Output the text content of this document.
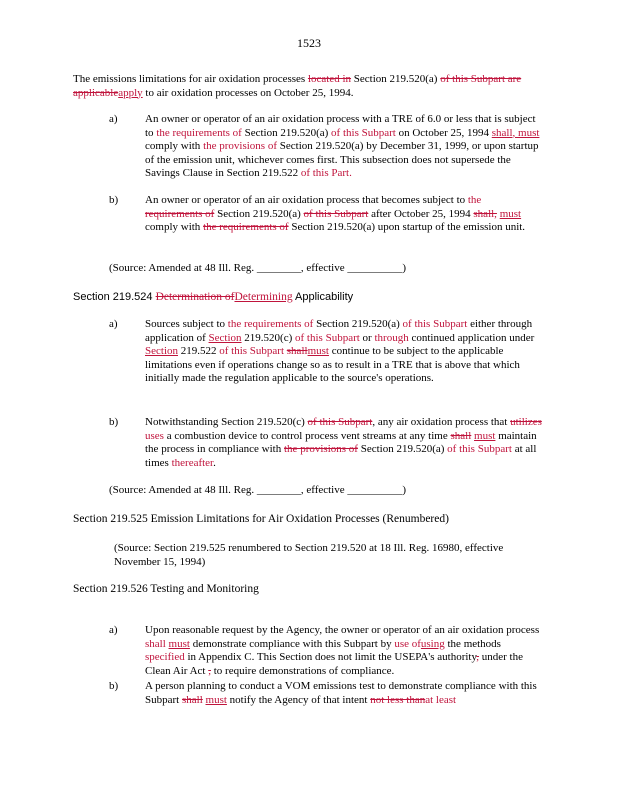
1523
The emissions limitations for air oxidation processes located in Section 219.520(a) of this Subpart are applicableapply to air oxidation processes on October 25, 1994.
a) An owner or operator of an air oxidation process with a TRE of 6.0 or less that is subject to the requirements of Section 219.520(a) of this Subpart on October 25, 1994 shall, must comply with the provisions of Section 219.520(a) by December 31, 1999, or upon startup of the emission unit, whichever comes first. This subsection does not supersede the Savings Clause in Section 219.522 of this Part.
b) An owner or operator of an air oxidation process that becomes subject to the requirements of Section 219.520(a) of this Subpart after October 25, 1994 shall, must comply with the requirements of Section 219.520(a) upon startup of the emission unit.
(Source: Amended at 48 Ill. Reg. ________, effective __________)
Section 219.524 Determination ofDetermining Applicability
a) Sources subject to the requirements of Section 219.520(a) of this Subpart either through application of Section 219.520(c) of this Subpart or through continued application under Section 219.522 of this Subpart shallmust continue to be subject to the applicable limitations even if operations change so as to result in a TRE that is above that which initially made the regulation applicable to the source's operations.
b) Notwithstanding Section 219.520(c) of this Subpart, any air oxidation process that utilizes uses a combustion device to control process vent streams at any time shall must maintain the process in compliance with the provisions of Section 219.520(a) of this Subpart at all times thereafter.
(Source: Amended at 48 Ill. Reg. ________, effective __________)
Section 219.525 Emission Limitations for Air Oxidation Processes (Renumbered)
(Source: Section 219.525 renumbered to Section 219.520 at 18 Ill. Reg. 16980, effective November 15, 1994)
Section 219.526 Testing and Monitoring
a) Upon reasonable request by the Agency, the owner or operator of an air oxidation process shall must demonstrate compliance with this Subpart by use ofusing the methods specified in Appendix C. This Section does not limit the USEPA's authority, under the Clean Air Act , to require demonstrations of compliance.
b) A person planning to conduct a VOM emissions test to demonstrate compliance with this Subpart shall must notify the Agency of that intent not less thanat least
